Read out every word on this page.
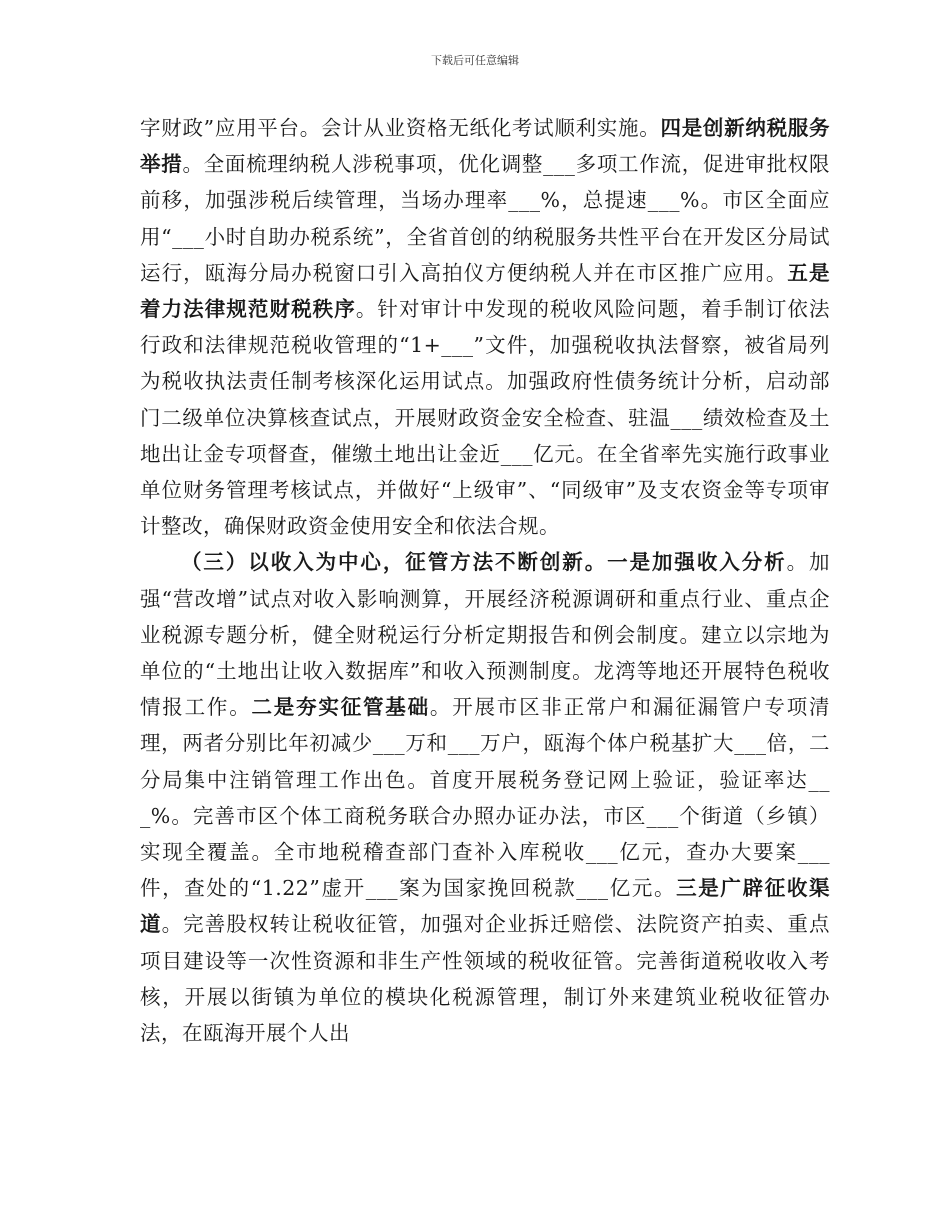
下载后可任意编辑

字财政”应用平台。会计从业资格无纸化考试顺利实施。四是创新纳税服务举措。全面梳理纳税人涉税事项，优化调整___多项工作流，促进审批权限前移，加强涉税后续管理，当场办理率___%，总提速___%。市区全面应用“___小时自助办税系统”，全省首创的纳税服务共性平台在开发区分局试运行，瓯海分局办税窗口引入高拍仪方便纳税人并在市区推广应用。五是着力法律规范财税秩序。针对审计中发现的税收风险问题，着手制订依法行政和法律规范税收管理的“1+___”文件，加强税收执法督察，被省局列为税收执法责任制考核深化运用试点。加强政府性债务统计分析，启动部门二级单位决算核查试点，开展财政资金安全检查、驻温___绩效检查及土地出让金专项督查，催缴土地出让金近___亿元。在全省率先实施行政事业单位财务管理考核试点，并做好“上级审”、“同级审”及支农资金等专项审计整改，确保财政资金使用安全和依法合规。

（三）以收入为中心，征管方法不断创新。一是加强收入分析。加强“营改增”试点对收入影响测算，开展经济税源调研和重点行业、重点企业税源专题分析，健全财税运行分析定期报告和例会制度。建立以宗地为单位的“土地出让收入数据库”和收入预测制度。龙湾等地还开展特色税收情报工作。二是夯实征管基础。开展市区非正常户和漏征漏管户专项清理，两者分别比年初减少___万和___万户，瓯海个体户税基扩大___倍，二分局集中注销管理工作出色。首度开展税务登记网上验证，验证率达___%。完善市区个体工商税务联合办照办证办法，市区___个街道（乡镇）实现全覆盖。全市地税稽查部门查补入库税收___亿元，查办大要案___件，查处的“1.22”虚开___案为国家挽回税款___亿元。三是广辟征收渠道。完善股权转让税收征管，加强对企业拆迁赔偿、法院资产拍卖、重点项目建设等一次性资源和非生产性领域的税收征管。完善街道税收收入考核，开展以街镇为单位的模块化税源管理，制订外来建筑业税收征管办法，在瓯海开展个人出
